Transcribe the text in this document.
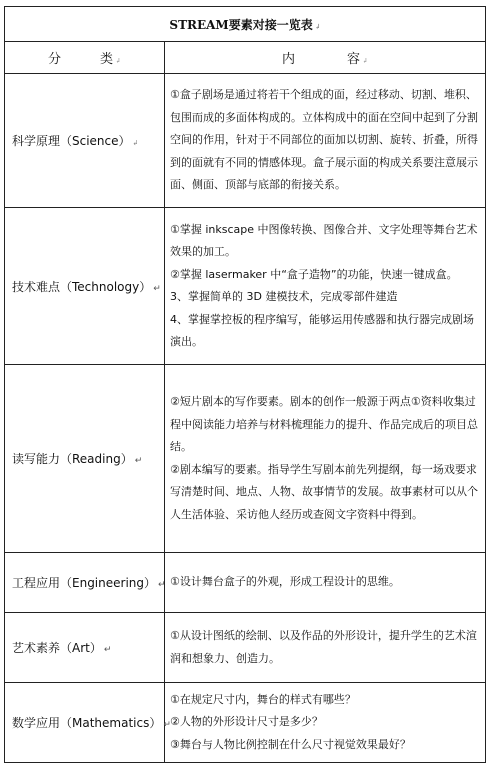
STREAM要素对接一览表 ↲	
分　　　类 ↲	内　　　　容 ↲
科学原理（Science） ↲	①盒子剧场是通过将若干个组成的面，经过移动、切割、堆积、包围而成的多面体构成的。立体构成中的面在空间中起到了分割空间的作用，针对于不同部位的面加以切割、旋转、折叠，所得到的面就有不同的情感体现。盒子展示面的构成关系要注意展示面、侧面、顶部与底部的衔接关系。

技术难点（Technology） ↵	①掌握 inkscape 中图像转换、图像合并、文字处理等舞台艺术效果的加工。

②掌握 lasermaker 中“盒子造物”的功能，快速一键成盒。

3、掌握简单的 3D 建模技术，完成零部件建造

4、掌握掌控板的程序编写，能够运用传感器和执行器完成剧场演出。

读写能力（Reading） ↵	②短片剧本的写作要素。剧本的创作一般源于两点①资料收集过程中阅读能力培养与材料梳理能力的提升、作品完成后的项目总结。

②剧本编写的要素。指导学生写剧本前先列提纲，每一场戏要求写清楚时间、地点、人物、故事情节的发展。故事素材可以从个人生活体验、采访他人经历或查阅文字资料中得到。

工程应用（Engineering） ↵	①设计舞台盒子的外观，形成工程设计的思维。

艺术素养（Art） ↵	①从设计图纸的绘制、以及作品的外形设计，提升学生的艺术渲润和想象力、创造力。

数学应用（Mathematics） ↵	①在规定尺寸内，舞台的样式有哪些？

②人物的外形设计尺寸是多少？

③舞台与人物比例控制在什么尺寸视觉效果最好？
